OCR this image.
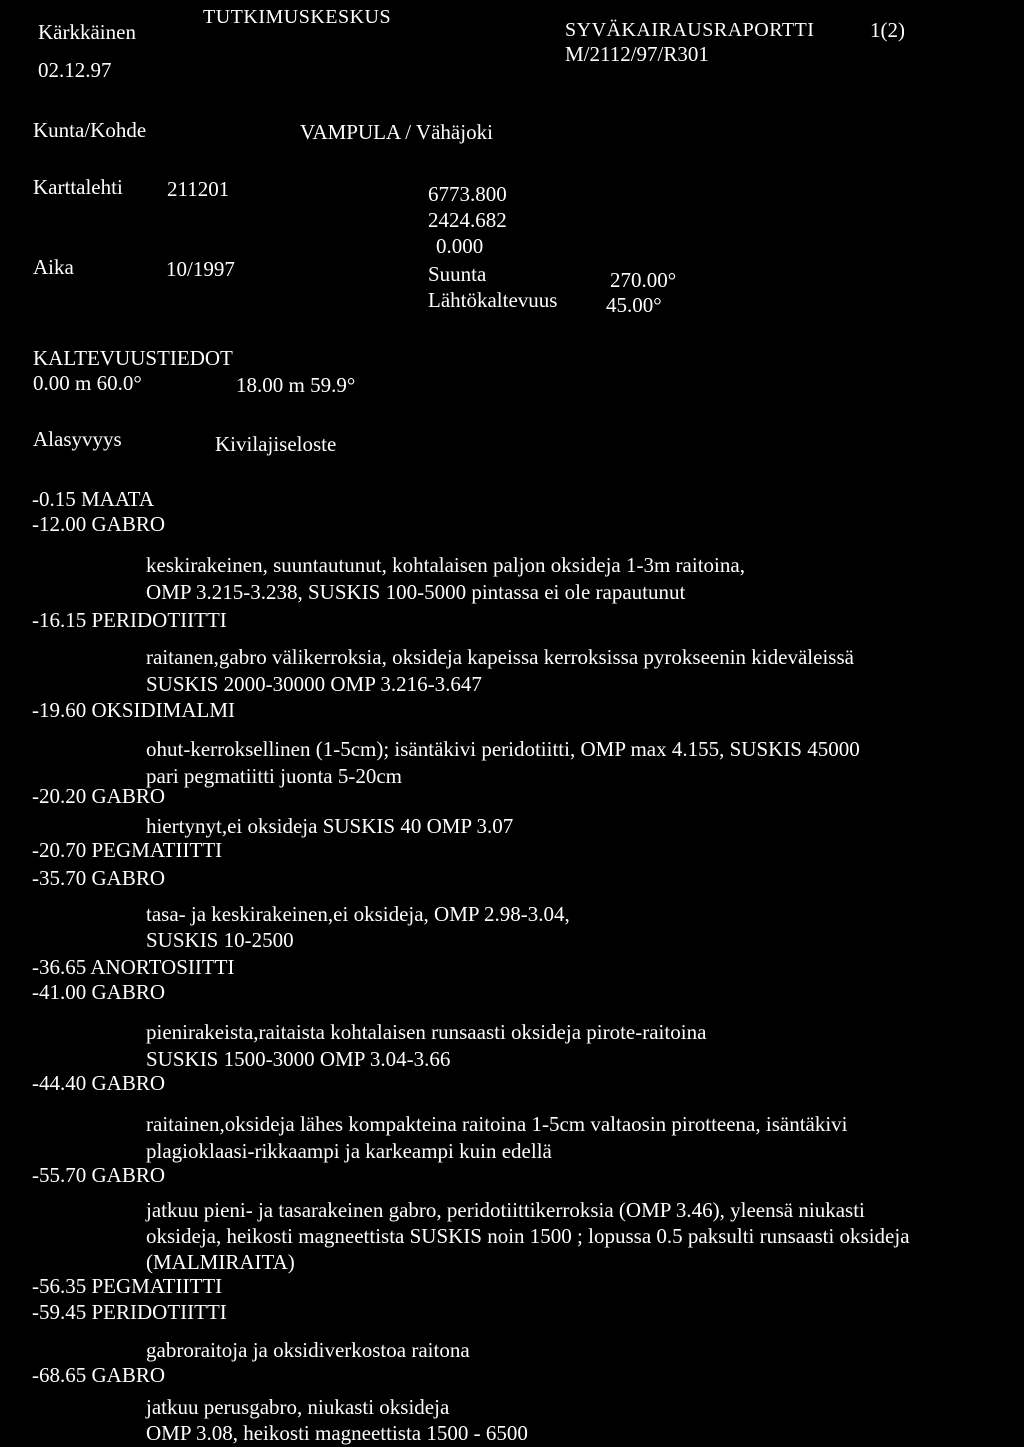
Kärkkäinen
TUTKIMUSKESKUS
02.12.97
SYVÄKAIRAUSRAPORTTI	1(2)
M/2112/97/R301
Kunta/Kohde	VAMPULA / Vähäjoki
Karttalehti 211201	6773.800
2424.682
0.000
Aika	10/1997	Suunta	270.00°
Lähtökaltevuus 45.00°
KALTEVUUSTIEDOT
0.00 m 60.0°	18.00 m 59.9°
Alasyvyys	Kivilajiseloste
-0.15 MAATA
-12.00 GABRO
keskirakeinen, suuntautunut, kohtalaisen paljon oksideja 1-3m raitoina,
OMP 3.215-3.238, SUSKIS 100-5000 pintassa ei ole rapautunut
-16.15 PERIDOTIITTI
raitanen,gabro välikerroksia, oksideja kapeissa kerroksissa pyrokseenin kideväleissä
SUSKIS 2000-30000 OMP 3.216-3.647
-19.60 OKSIDIMALMI
ohut-kerroksellinen (1-5cm); isäntäkivi peridotiitti, OMP max 4.155, SUSKIS 45000
pari pegmatiitti juonta 5-20cm
-20.20 GABRO
hiertynyt,ei oksideja SUSKIS 40 OMP 3.07
-20.70 PEGMATIITTI
-35.70 GABRO
tasa- ja keskirakeinen,ei oksideja, OMP 2.98-3.04,
SUSKIS 10-2500
-36.65 ANORTOSIITTI
-41.00 GABRO
pienirakeista,raitaista kohtalaisen runsaasti oksideja pirote-raitoina
SUSKIS 1500-3000 OMP 3.04-3.66
-44.40 GABRO
raitainen,oksideja lähes kompakteina raitoina 1-5cm valtaosin pirotteena, isäntäkivi
plagioklaasi-rikkaampi ja karkeampi kuin edellä
-55.70 GABRO
jatkuu pieni- ja tasarakeinen gabro, peridotiittikerroksia (OMP 3.46), yleensä niukasti
oksideja, heikosti magneettista SUSKIS noin 1500 ; lopussa 0.5 paksulti runsaasti oksideja
(MALMIRAITA)
-56.35 PEGMATIITTI
-59.45 PERIDOTIITTI
gabroraitoja ja oksidiverkostoa raitona
-68.65 GABRO
jatkuu perusgabro, niukasti oksideja
OMP 3.08, heikosti magneettista 1500 - 6500
